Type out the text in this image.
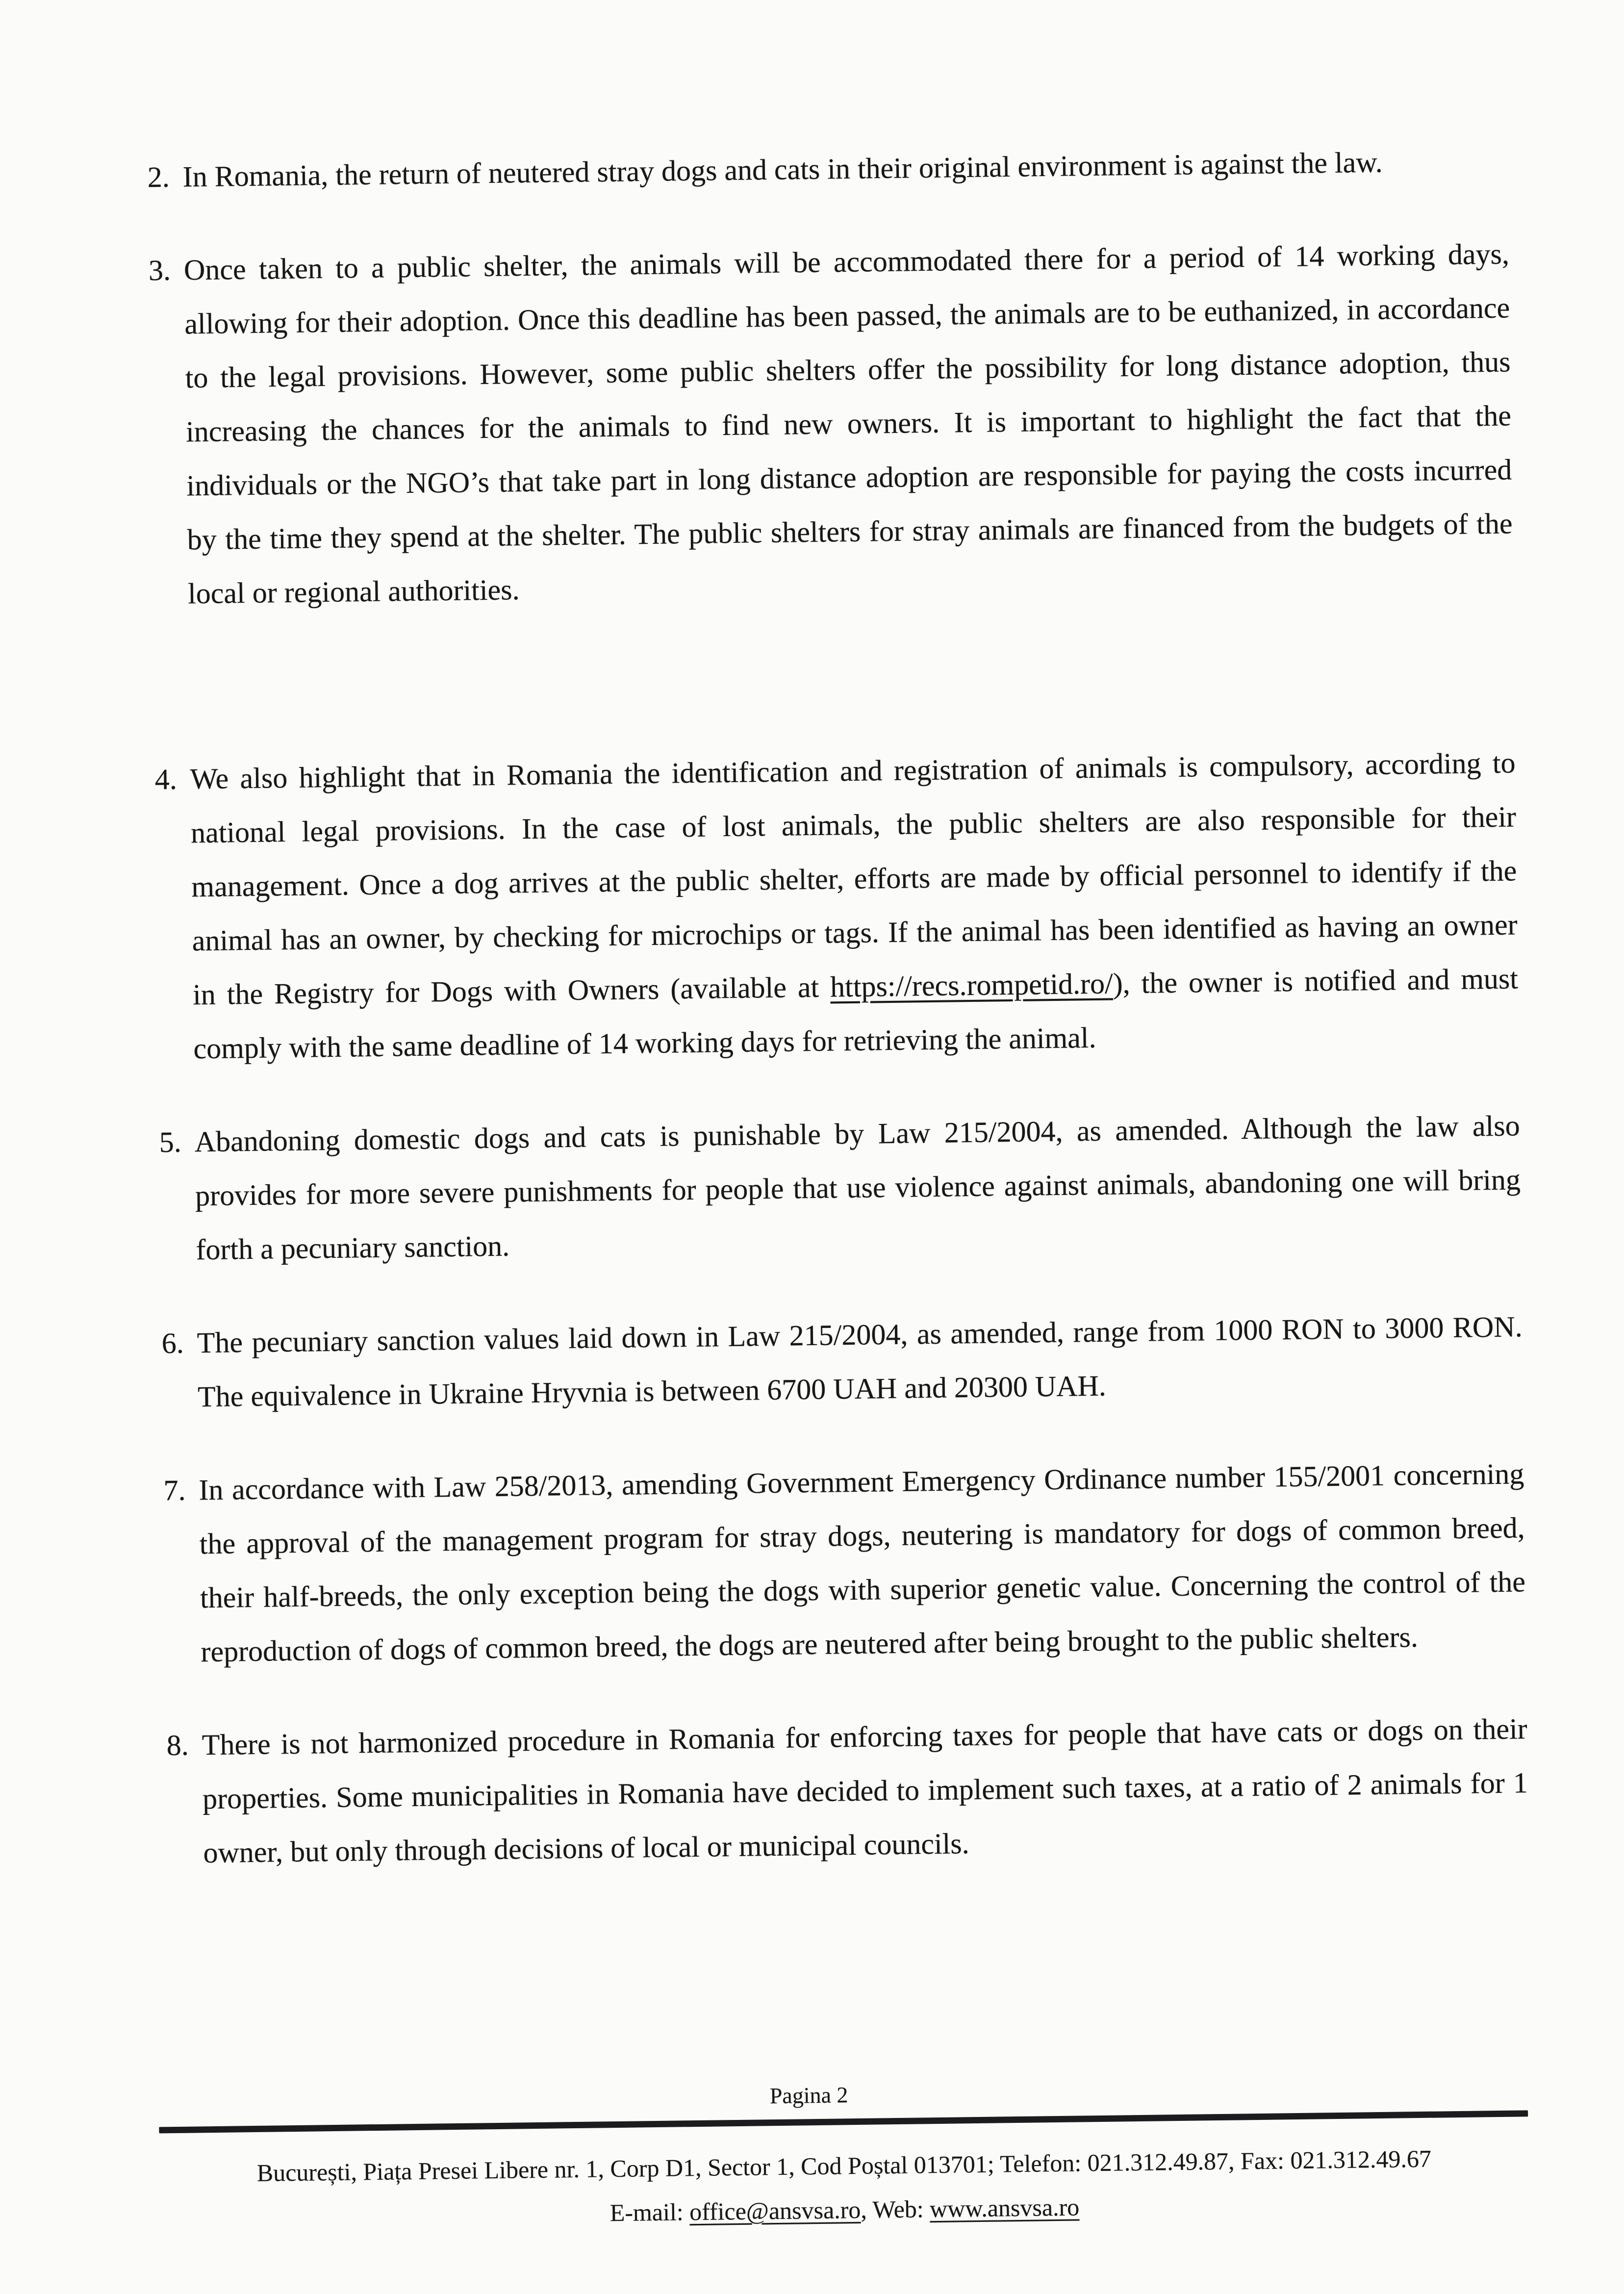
2. In Romania, the return of neutered stray dogs and cats in their original environment is against the law.
3. Once taken to a public shelter, the animals will be accommodated there for a period of 14 working days, allowing for their adoption. Once this deadline has been passed, the animals are to be euthanized, in accordance to the legal provisions. However, some public shelters offer the possibility for long distance adoption, thus increasing the chances for the animals to find new owners. It is important to highlight the fact that the individuals or the NGO’s that take part in long distance adoption are responsible for paying the costs incurred by the time they spend at the shelter. The public shelters for stray animals are financed from the budgets of the local or regional authorities.
4. We also highlight that in Romania the identification and registration of animals is compulsory, according to national legal provisions. In the case of lost animals, the public shelters are also responsible for their management. Once a dog arrives at the public shelter, efforts are made by official personnel to identify if the animal has an owner, by checking for microchips or tags. If the animal has been identified as having an owner in the Registry for Dogs with Owners (available at https://recs.rompetid.ro/), the owner is notified and must comply with the same deadline of 14 working days for retrieving the animal.
5. Abandoning domestic dogs and cats is punishable by Law 215/2004, as amended. Although the law also provides for more severe punishments for people that use violence against animals, abandoning one will bring forth a pecuniary sanction.
6. The pecuniary sanction values laid down in Law 215/2004, as amended, range from 1000 RON to 3000 RON. The equivalence in Ukraine Hryvnia is between 6700 UAH and 20300 UAH.
7. In accordance with Law 258/2013, amending Government Emergency Ordinance number 155/2001 concerning the approval of the management program for stray dogs, neutering is mandatory for dogs of common breed, their half-breeds, the only exception being the dogs with superior genetic value. Concerning the control of the reproduction of dogs of common breed, the dogs are neutered after being brought to the public shelters.
8. There is not harmonized procedure in Romania for enforcing taxes for people that have cats or dogs on their properties. Some municipalities in Romania have decided to implement such taxes, at a ratio of 2 animals for 1 owner, but only through decisions of local or municipal councils.
Pagina 2
București, Piața Presei Libere nr. 1, Corp D1, Sector 1, Cod Poștal 013701; Telefon: 021.312.49.87, Fax: 021.312.49.67
E-mail: office@ansvsa.ro, Web: www.ansvsa.ro
